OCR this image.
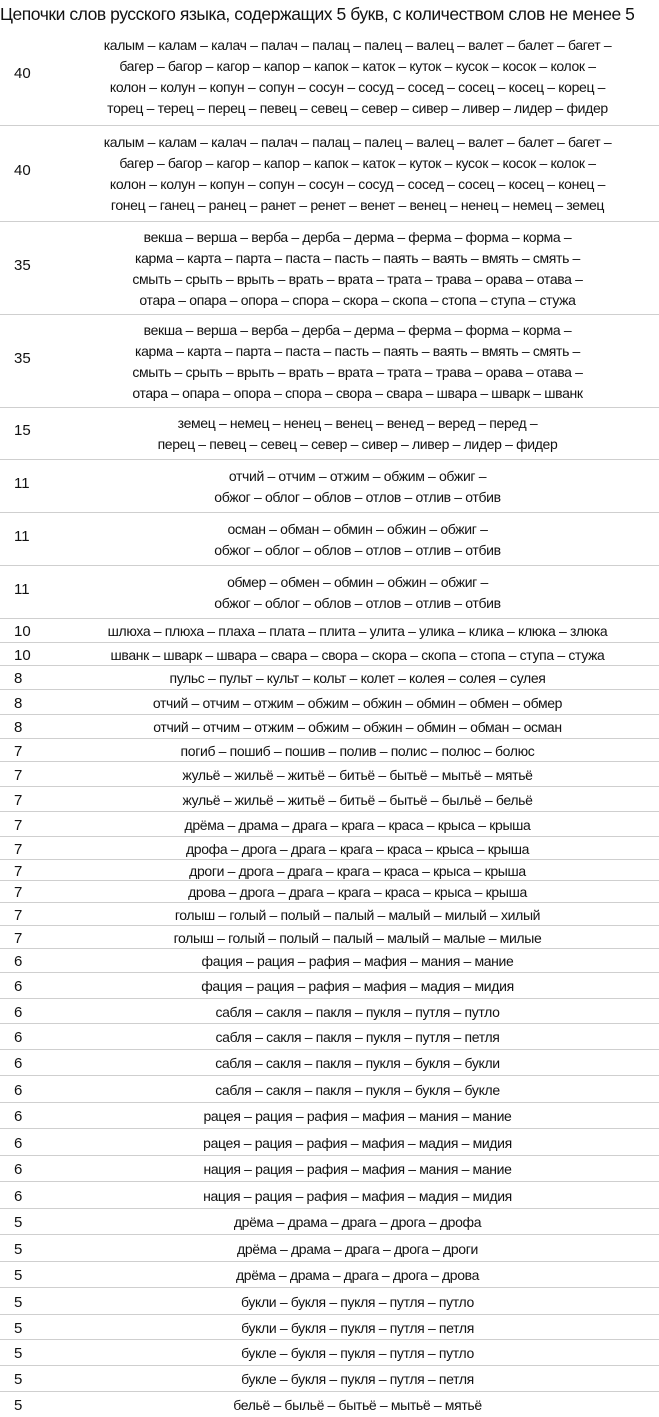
Цепочки слов русского языка, содержащих 5 букв, с количеством слов не менее 5
40
калым – калам – калач – палач – палац – палец – валец – валет – балет – багет –
багер – багор – кагор – капор – капок – каток – куток – кусок – косок – колок –
колон – колун – копун – сопун – сосун – сосуд – сосед – сосец – косец – корец –
торец – терец – перец – певец – севец – север – сивер – ливер – лидер – фидер
40
калым – калам – калач – палач – палац – палец – валец – валет – балет – багет –
багер – багор – кагор – капор – капок – каток – куток – кусок – косок – колок –
колон – колун – копун – сопун – сосун – сосуд – сосед – сосец – косец – конец –
гонец – ганец – ранец – ранет – ренет – венет – венец – ненец – немец – земец
35
векша – верша – верба – дерба – дерма – ферма – форма – корма –
карма – карта – парта – паста – пасть – паять – ваять – вмять – смять –
смыть – срыть – врыть – врать – врата – трата – трава – орава – отава –
отара – опара – опора – спора – скора – скопа – стопа – ступа – стужа
35
векша – верша – верба – дерба – дерма – ферма – форма – корма –
карма – карта – парта – паста – пасть – паять – ваять – вмять – смять –
смыть – срыть – врыть – врать – врата – трата – трава – орава – отава –
отара – опара – опора – спора – свора – свара – швара – шварк – шванк
15	земец – немец – ненец – венец – венед – веред – перед –
перец – певец – севец – север – сивер – ливер – лидер – фидер
11	отчий – отчим – отжим – обжим – обжиг –
обжог – облог – облов – отлов – отлив – отбив
11	осман – обман – обмин – обжин – обжиг –
обжог – облог – облов – отлов – отлив – отбив
11	обмер – обмен – обмин – обжин – обжиг –
обжог – облог – облов – отлов – отлив – отбив
10	шлюха – плюха – плаха – плата – плита – улита – улика – клика – клюка – злюка
10	шванк – шварк – швара – свара – свора – скора – скопа – стопа – ступа – стужа
8	пульс – пульт – культ – кольт – колет – колея – солея – сулея
8	отчий – отчим – отжим – обжим – обжин – обмин – обмен – обмер
8	отчий – отчим – отжим – обжим – обжин – обмин – обман – осман
7	погиб – пошиб – пошив – полив – полис – полюс – болюс
7	жульё – жильё – житьё – битьё – бытьё – мытьё – мятьё
7	жульё – жильё – житьё – битьё – бытьё – быльё – бельё
7	дрёма – драма – драга – крага – краса – крыса – крыша
7	дрофа – дрога – драга – крага – краса – крыса – крыша
7	дроги – дрога – драга – крага – краса – крыса – крыша
7	дрова – дрога – драга – крага – краса – крыса – крыша
7	голыш – голый – полый – палый – малый – милый – хилый
7	голыш – голый – полый – палый – малый – малые – милые
6	фация – рация – рафия – мафия – мания – мание
6	фация – рация – рафия – мафия – мадия – мидия
6	сабля – сакля – пакля – пукля – путля – путло
6	сабля – сакля – пакля – пукля – путля – петля
6	сабля – сакля – пакля – пукля – букля – букли
6	сабля – сакля – пакля – пукля – букля – букле
6	рацея – рация – рафия – мафия – мания – мание
6	рацея – рация – рафия – мафия – мадия – мидия
6	нация – рация – рафия – мафия – мания – мание
6	нация – рация – рафия – мафия – мадия – мидия
5	дрёма – драма – драга – дрога – дрофа
5	дрёма – драма – драга – дрога – дроги
5	дрёма – драма – драга – дрога – дрова
5	букли – букля – пукля – путля – путло
5	букли – букля – пукля – путля – петля
5	букле – букля – пукля – путля – путло
5	букле – букля – пукля – путля – петля
5	бельё – быльё – бытьё – мытьё – мятьё
